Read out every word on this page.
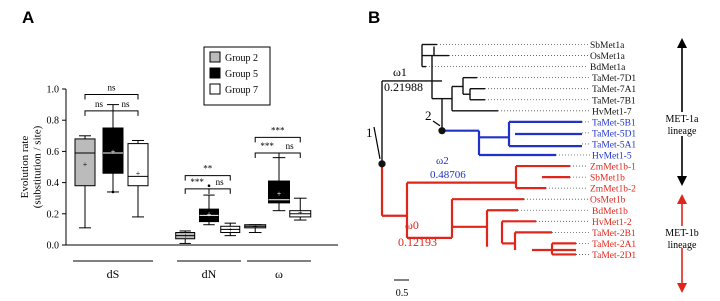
A	B
0.0
0.2
0.4
0.6
0.8
1.0
Evolution rate(substitution / site)
dS	dN	ω
+
+
+
+
+
+	+
+
+
ns
ns ns
**
*** ns
***
*** ns
Group 2
Group 5
Group 7
SbMet1a
OsMet1a
BdMet1a
TaMet-7D1
TaMet-7A1
TaMet-7B1
HvMet1-7
TaMet-5B1
TaMet-5D1
TaMet-5A1
HvMet1-5
ZmMet1b-1
SbMet1b
ZmMet1b-2
OsMet1b
BdMet1b
HvMet1-2
TaMet-2B1
TaMet-2A1
TaMet-2D1
1
2
ω1
0.21988
ω2
0.48706
ω0
0.12193
MET-1a
lineage
MET-1b
lineage
0.5
